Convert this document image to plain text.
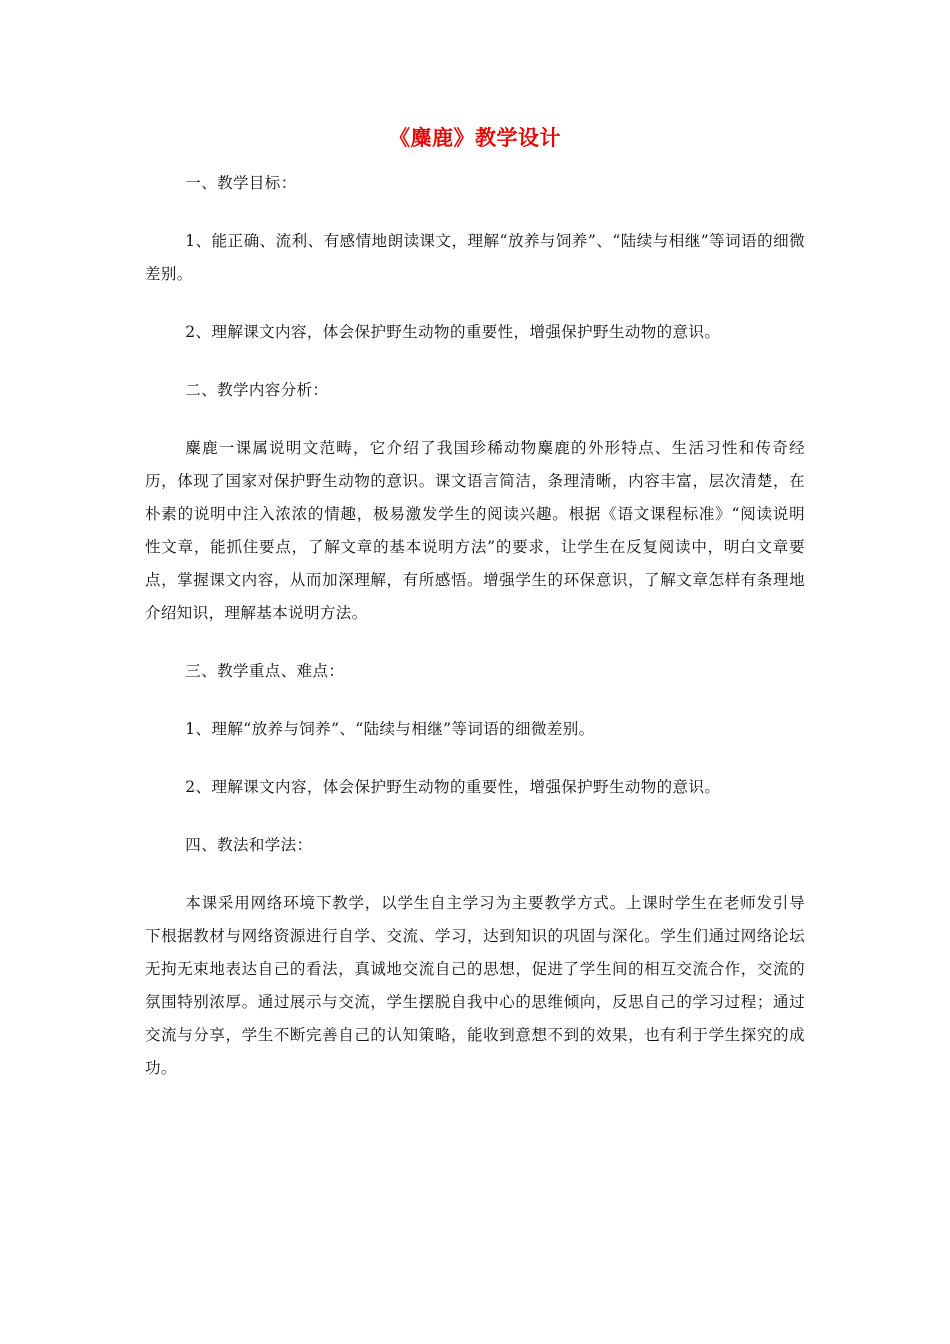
《麋鹿》教学设计

一、教学目标：

1、能正确、流利、有感情地朗读课文，理解“放养与饲养”、“陆续与相继”等词语的细微差别。

2、理解课文内容，体会保护野生动物的重要性，增强保护野生动物的意识。

二、教学内容分析：

麋鹿一课属说明文范畴，它介绍了我国珍稀动物麋鹿的外形特点、生活习性和传奇经历，体现了国家对保护野生动物的意识。课文语言简洁，条理清晰，内容丰富，层次清楚，在朴素的说明中注入浓浓的情趣，极易激发学生的阅读兴趣。根据《语文课程标准》“阅读说明性文章，能抓住要点，了解文章的基本说明方法”的要求，让学生在反复阅读中，明白文章要点，掌握课文内容，从而加深理解，有所感悟。增强学生的环保意识，了解文章怎样有条理地介绍知识，理解基本说明方法。

三、教学重点、难点：

1、理解“放养与饲养”、“陆续与相继”等词语的细微差别。

2、理解课文内容，体会保护野生动物的重要性，增强保护野生动物的意识。

四、教法和学法：

本课采用网络环境下教学，以学生自主学习为主要教学方式。上课时学生在老师发引导下根据教材与网络资源进行自学、交流、学习，达到知识的巩固与深化。学生们通过网络论坛无拘无束地表达自己的看法，真诚地交流自己的思想，促进了学生间的相互交流合作，交流的氛围特别浓厚。通过展示与交流，学生摆脱自我中心的思维倾向，反思自己的学习过程；通过交流与分享，学生不断完善自己的认知策略，能收到意想不到的效果，也有利于学生探究的成功。
